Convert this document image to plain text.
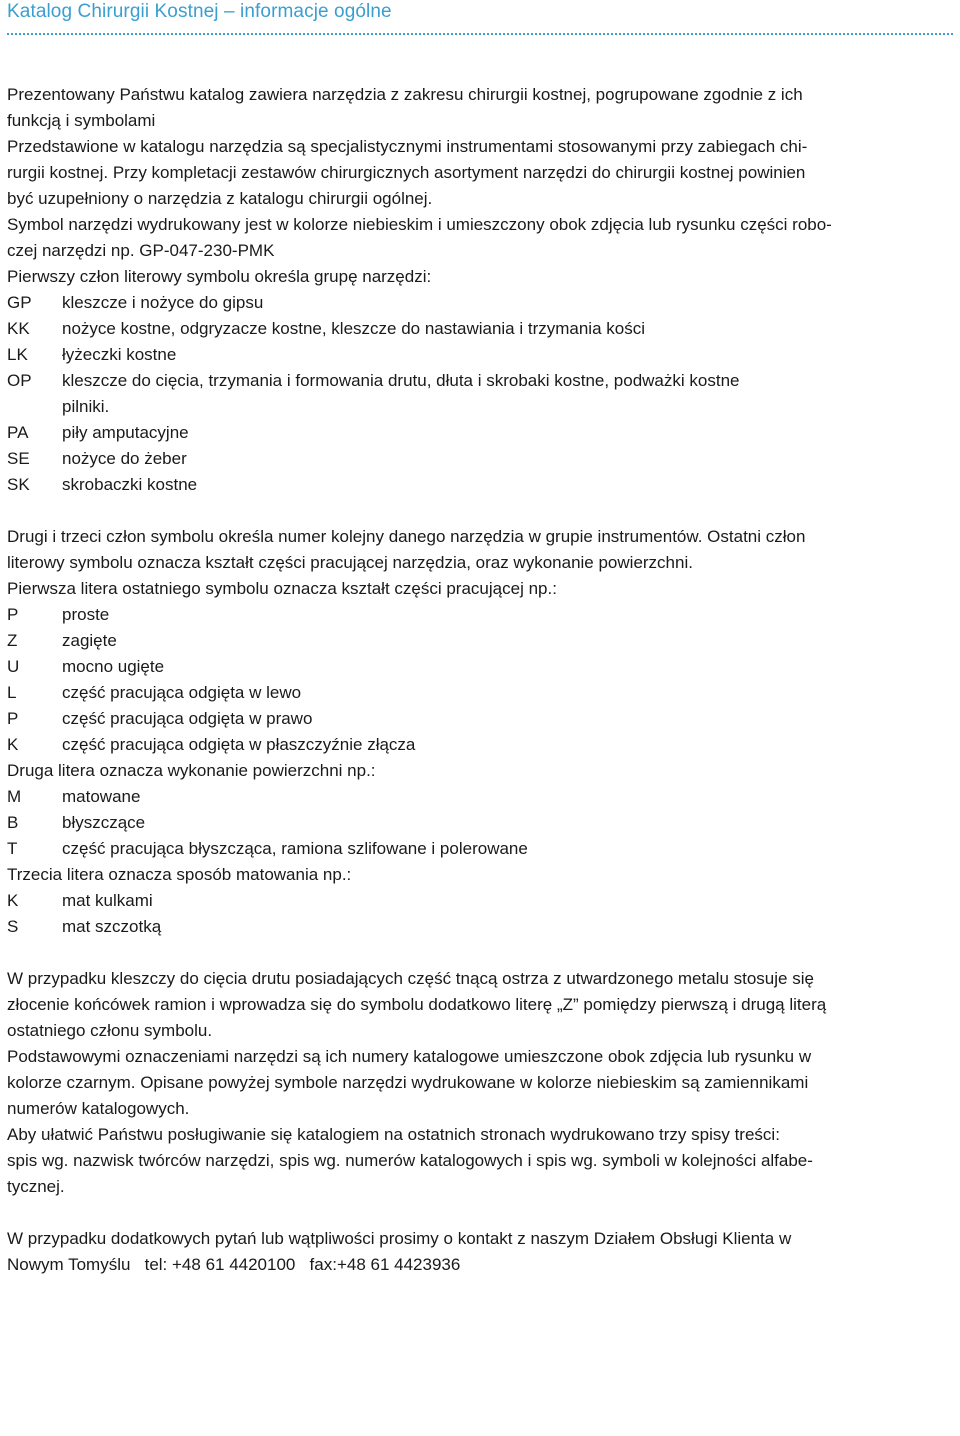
Katalog Chirurgii Kostnej – informacje ogólne

Prezentowany Państwu katalog zawiera narzędzia z zakresu chirurgii kostnej, pogrupowane zgodnie z ich

funkcją i symbolami

Przedstawione w katalogu narzędzia są specjalistycznymi instrumentami stosowanymi przy zabiegach chi-

rurgii kostnej. Przy kompletacji zestawów chirurgicznych asortyment narzędzi do chirurgii kostnej powinien

być uzupełniony o narzędzia z katalogu chirurgii ogólnej.

Symbol narzędzi wydrukowany jest w kolorze niebieskim i umieszczony obok zdjęcia lub rysunku części robo-

czej narzędzi np. GP-047-230-PMK

Pierwszy człon literowy symbolu określa grupę narzędzi:

GP	kleszcze i nożyce do gipsu
KK	nożyce kostne, odgryzacze kostne, kleszcze do nastawiania i trzymania kości
LK	łyżeczki kostne
OP	kleszcze do cięcia, trzymania i formowania drutu, dłuta i skrobaki kostne, podważki kostne
pilniki.
PA	piły amputacyjne
SE	nożyce do żeber
SK	skrobaczki kostne

Drugi i trzeci człon symbolu określa numer kolejny danego narzędzia w grupie instrumentów. Ostatni człon

literowy symbolu oznacza kształt części pracującej narzędzia, oraz wykonanie powierzchni.

Pierwsza litera ostatniego symbolu oznacza kształt części pracującej np.:

P	proste
Z	zagięte
U	mocno ugięte
L	część pracująca odgięta w lewo
P	część pracująca odgięta w prawo
K	część pracująca odgięta w płaszczyźnie złącza

Druga litera oznacza wykonanie powierzchni np.:

M	matowane
B	błyszczące
T	część pracująca błyszcząca, ramiona szlifowane i polerowane

Trzecia litera oznacza sposób matowania np.:

K	mat kulkami
S	mat szczotką

W przypadku kleszczy do cięcia drutu posiadających część tnącą ostrza z utwardzonego metalu stosuje się

złocenie końcówek ramion i wprowadza się do symbolu dodatkowo literę „Z” pomiędzy pierwszą i drugą literą

ostatniego członu symbolu.

Podstawowymi oznaczeniami narzędzi są ich numery katalogowe umieszczone obok zdjęcia lub rysunku w

kolorze czarnym. Opisane powyżej symbole narzędzi wydrukowane w kolorze niebieskim są zamiennikami

numerów katalogowych.

Aby ułatwić Państwu posługiwanie się katalogiem na ostatnich stronach wydrukowano trzy spisy treści:

spis wg. nazwisk twórców narzędzi, spis wg. numerów katalogowych i spis wg. symboli w kolejności alfabe-

tycznej.

W przypadku dodatkowych pytań lub wątpliwości prosimy o kontakt z naszym Działem Obsługi Klienta w

Nowym Tomyślu   tel: +48 61 4420100   fax:+48 61 4423936
